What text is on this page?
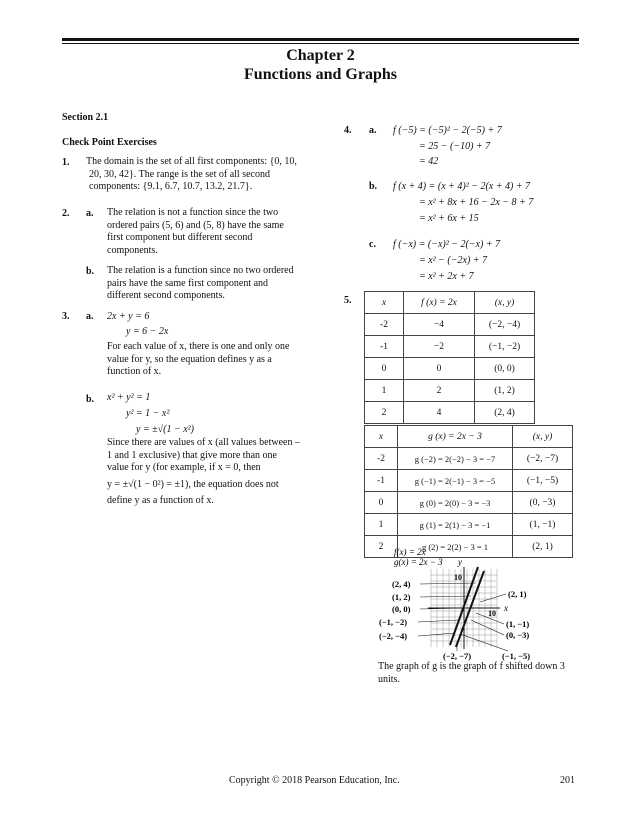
Chapter 2
Functions and Graphs
Section 2.1
Check Point Exercises
1. The domain is the set of all first components: {0, 10,
20, 30, 42}. The range is the set of all second
components: {9.1, 6.7, 10.7, 13.2, 21.7}.
2. a. The relation is not a function since the two
ordered pairs (5, 6) and (5, 8) have the same
first component but different second
components.
b. The relation is a function since no two ordered
pairs have the same first component and
different second components.
3. a. 2x + y = 6
y = 6 − 2x
For each value of x, there is one and only one
value for y, so the equation defines y as a
function of x.
b. x² + y² = 1
y² = 1 − x²
y = ±√(1 − x²)
Since there are values of x (all values between –
1 and 1 exclusive) that give more than one
value for y (for example, if x = 0, then
y = ±√(1 − 0²) = ±1), the equation does not
define y as a function of x.
4. a. f (−5) = (−5)² − 2(−5) + 7
= 25 − (−10) + 7
= 42
b. f (x + 4) = (x + 4)² − 2(x + 4) + 7
= x² + 8x + 16 − 2x − 8 + 7
= x² + 6x + 15
c. f (−x) = (−x)² − 2(−x) + 7
= x² − (−2x) + 7
= x² + 2x + 7
5.	x	f (x) = 2x	(x, y)
-2	−4	(−2, −4)
-1	−2	(−1, −2)
0	0	(0, 0)
1	2	(1, 2)
2	4	(2, 4)
x	g (x) = 2x − 3	(x, y)
-2	g (−2) = 2(−2) − 3 = −7	(−2, −7)
-1	g (−1) = 2(−1) − 3 = −5	(−1, −5)
0	g (0) = 2(0) − 3 = −3	(0, −3)
1	g (1) = 2(1) − 3 = −1	(1, −1)
2	g (2) = 2(2) − 3 = 1	(2, 1)
f(x) = 2x
g(x) = 2x − 3 y
x
10
10
(2, 4)
(1, 2)
(0, 0)
(−1, −2)
(−2, −4)
(2, 1)
(1, −1)
(0, −3)
(−2, −7)	(−1, −5)
The graph of g is the graph of f shifted down 3
units.
Copyright © 2018 Pearson Education, Inc.	201
